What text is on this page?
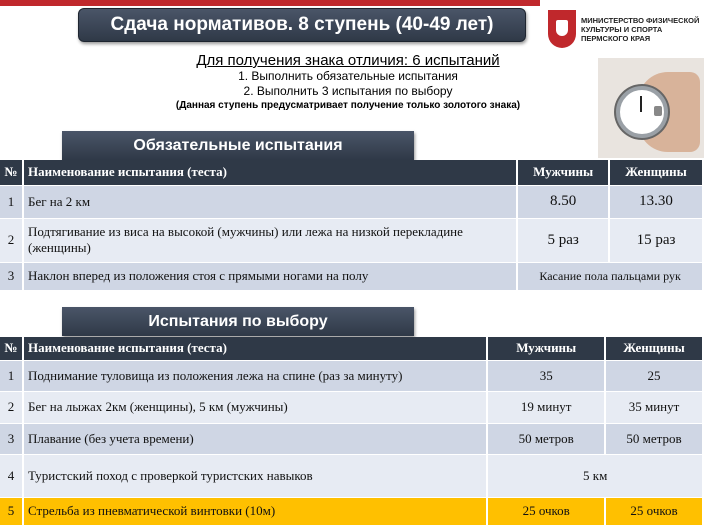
Сдача нормативов. 8 ступень (40-49 лет)	МИНИСТЕРСТВО ФИЗИЧЕСКОЙ
КУЛЬТУРЫ И СПОРТА
ПЕРМСКОГО КРАЯ
Для получения знака отличия: 6 испытаний
1. Выполнить обязательные испытания
2. Выполнить 3 испытания по выбору
(Данная ступень предусматривает получение только золотого знака)
Обязательные испытания
№	Наименование испытания (теста)	Мужчины	Женщины
1	Бег на 2 км	8.50	13.30
2	Подтягивание из виса на высокой (мужчины) или лежа на низкой перекладине (женщины)	5 раз	15 раз
3	Наклон вперед из положения стоя с прямыми ногами на полу	Касание пола пальцами рук	
Испытания по выбору
№	Наименование испытания (теста)	Мужчины	Женщины
1	Поднимание туловища из положения лежа на спине (раз за минуту)	35	25
2	Бег на лыжах 2км (женщины), 5 км (мужчины)	19 минут	35 минут
3	Плавание (без учета времени)	50 метров	50 метров
4	Туристский поход с проверкой туристских навыков	5 км	
5	Стрельба из пневматической винтовки (10м)	25 очков	25 очков
